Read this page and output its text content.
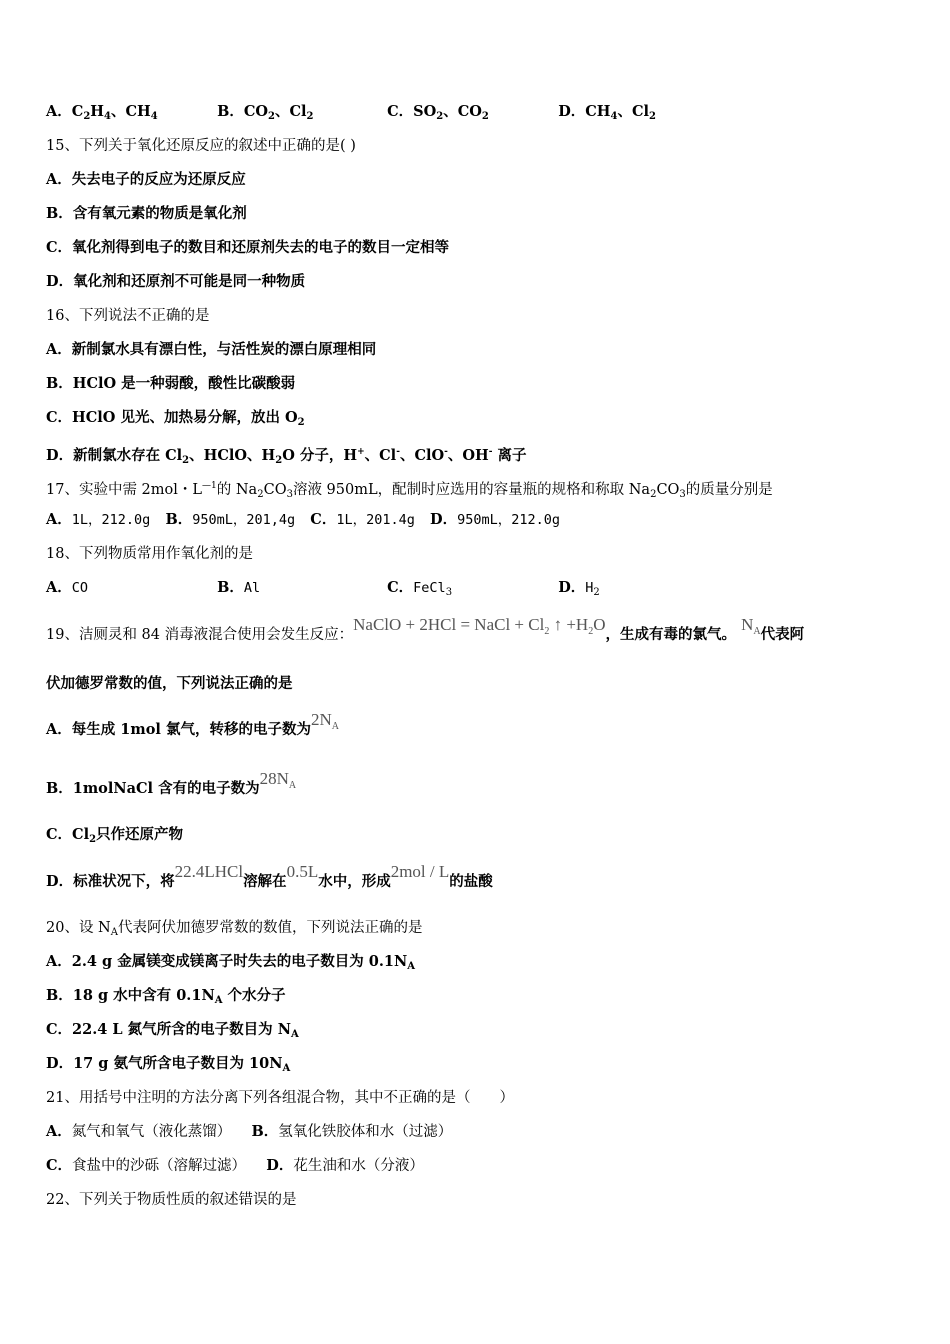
A．$C_2H_4$、$CH_4$	B．$CO_2$、$Cl_2$	C．$SO_2$、$CO_2$	D．$CH_4$、$Cl_2$
15、下列关于氧化还原反应的叙述中正确的是( )
A．失去电子的反应为还原反应
B．含有氧元素的物质是氧化剂
C．氧化剂得到电子的数目和还原剂失去的电子的数目一定相等
D．氧化剂和还原剂不可能是同一种物质
16、下列说法不正确的是
A．新制氯水具有漂白性，与活性炭的漂白原理相同
B．HClO 是一种弱酸，酸性比碳酸弱
C．HClO 见光、加热易分解，放出 $O_2$
D．新制氯水存在 $Cl_2$、HClO、$H_2O$ 分子，H+、Cl-、ClO-、OH- 离子
17、实验中需 2mol・$L^{—1}$的 $Na_2CO_3$溶液 950mL，配制时应选用的容量瓶的规格和称取 $Na_2CO_3$的质量分别是
A．1L，212.0g B．950mL，201,4g C．1L，201.4g D．950mL，212.0g
18、下列物质常用作氧化剂的是
A．CO	B．Al	C．FeCl$_3$	D．$H_2$
19、洁厕灵和 84 消毒液混合使用会发生反应：NaClO + 2HCl = NaCl + $Cl_2$ ↑ $+H_2O$，生成有毒的氯气。 $N_A$代表阿
伏加德罗常数的值，下列说法正确的是
A．每生成 1mol 氯气，转移的电子数为$2N_A$
B．1molNaCl 含有的电子数为$28N_A$
C．$Cl_2$只作还原产物
D．标准状况下，将22.4LHCl溶解在0.5L水中，形成2mol / L的盐酸
20、设 $N_A$代表阿伏加德罗常数的数值，下列说法正确的是
A．2.4 g 金属镁变成镁离子时失去的电子数目为 $0.1N_A$
B．18 g 水中含有 $0.1N_A$ 个水分子
C．22.4 L 氮气所含的电子数目为 $N_A$
D．17 g 氨气所含电子数目为 $10N_A$
21、用括号中注明的方法分离下列各组混合物，其中不正确的是（　　）
A．氮气和氧气（液化蒸馏） B．氢氧化铁胶体和水（过滤）
C．食盐中的沙砾（溶解过滤） D．花生油和水（分液）
22、下列关于物质性质的叙述错误的是
